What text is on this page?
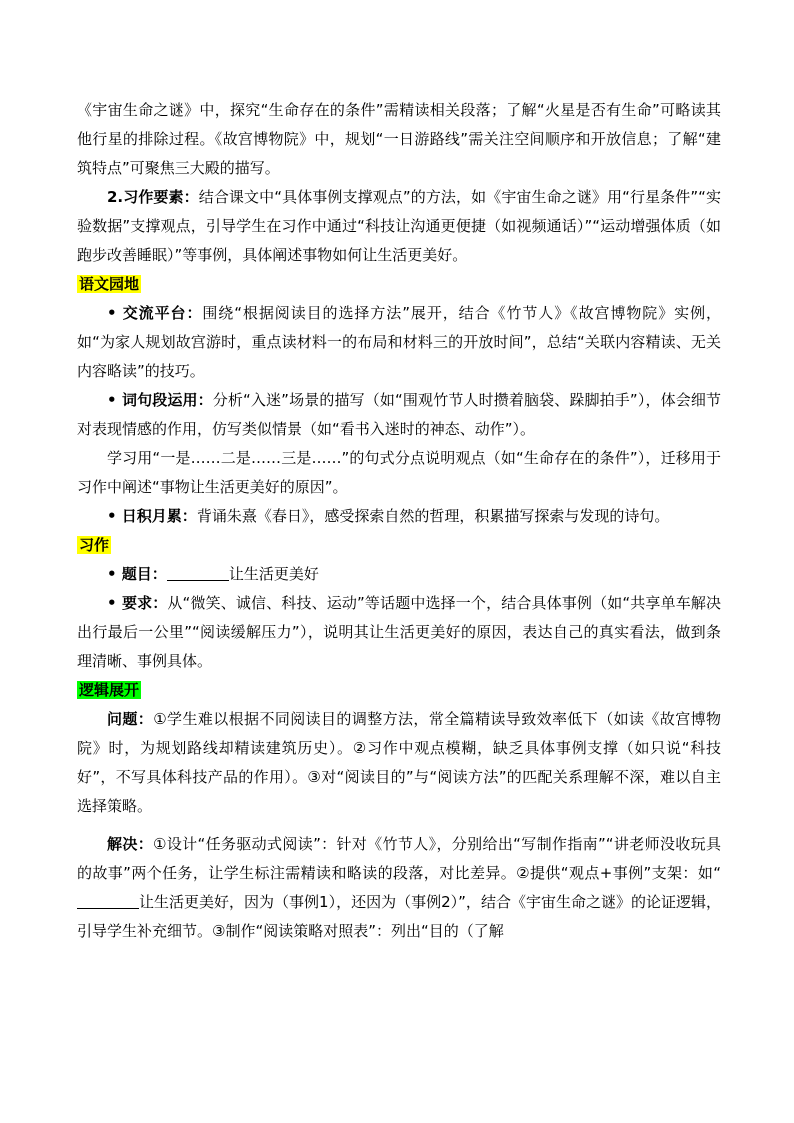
《宇宙生命之谜》中，探究“生命存在的条件”需精读相关段落；了解“火星是否有生命”可略读其他行星的排除过程。《故宫博物院》中，规划“一日游路线”需关注空间顺序和开放信息；了解“建筑特点”可聚焦三大殿的描写。

2.习作要素：结合课文中“具体事例支撑观点”的方法，如《宇宙生命之谜》用“行星条件”“实验数据”支撑观点，引导学生在习作中通过“科技让沟通更便捷（如视频通话）”“运动增强体质（如跑步改善睡眠）”等事例，具体阐述事物如何让生活更美好。

语文园地

• 交流平台：围绕“根据阅读目的选择方法”展开，结合《竹节人》《故宫博物院》实例，如“为家人规划故宫游时，重点读材料一的布局和材料三的开放时间”，总结“关联内容精读、无关内容略读”的技巧。

• 词句段运用：分析“入迷”场景的描写（如“围观竹节人时攒着脑袋、跺脚拍手”），体会细节对表现情感的作用，仿写类似情景（如“看书入迷时的神态、动作”）。

学习用“一是……二是……三是……”的句式分点说明观点（如“生命存在的条件”），迁移用于习作中阐述“事物让生活更美好的原因”。

• 日积月累：背诵朱熹《春日》，感受探索自然的哲理，积累描写探索与发现的诗句。

习作

• 题目：	让生活更美好

• 要求：从“微笑、诚信、科技、运动”等话题中选择一个，结合具体事例（如“共享单车解决出行最后一公里”“阅读缓解压力”），说明其让生活更美好的原因，表达自己的真实看法，做到条理清晰、事例具体。

逻辑展开

问题：①学生难以根据不同阅读目的调整方法，常全篇精读导致效率低下（如读《故宫博物院》时，为规划路线却精读建筑历史）。②习作中观点模糊，缺乏具体事例支撑（如只说“科技好”，不写具体科技产品的作用）。③对“阅读目的”与“阅读方法”的匹配关系理解不深，难以自主选择策略。

解决：①设计“任务驱动式阅读”：针对《竹节人》，分别给出“写制作指南”“讲老师没收玩具的故事”两个任务，让学生标注需精读和略读的段落，对比差异。②提供“观点+事例”支架：如“让生活更美好，因为（事例1），还因为（事例2）”，结合《宇宙生命之谜》的论证逻辑，引导学生补充细节。③制作“阅读策略对照表”：列出“目的（了解
